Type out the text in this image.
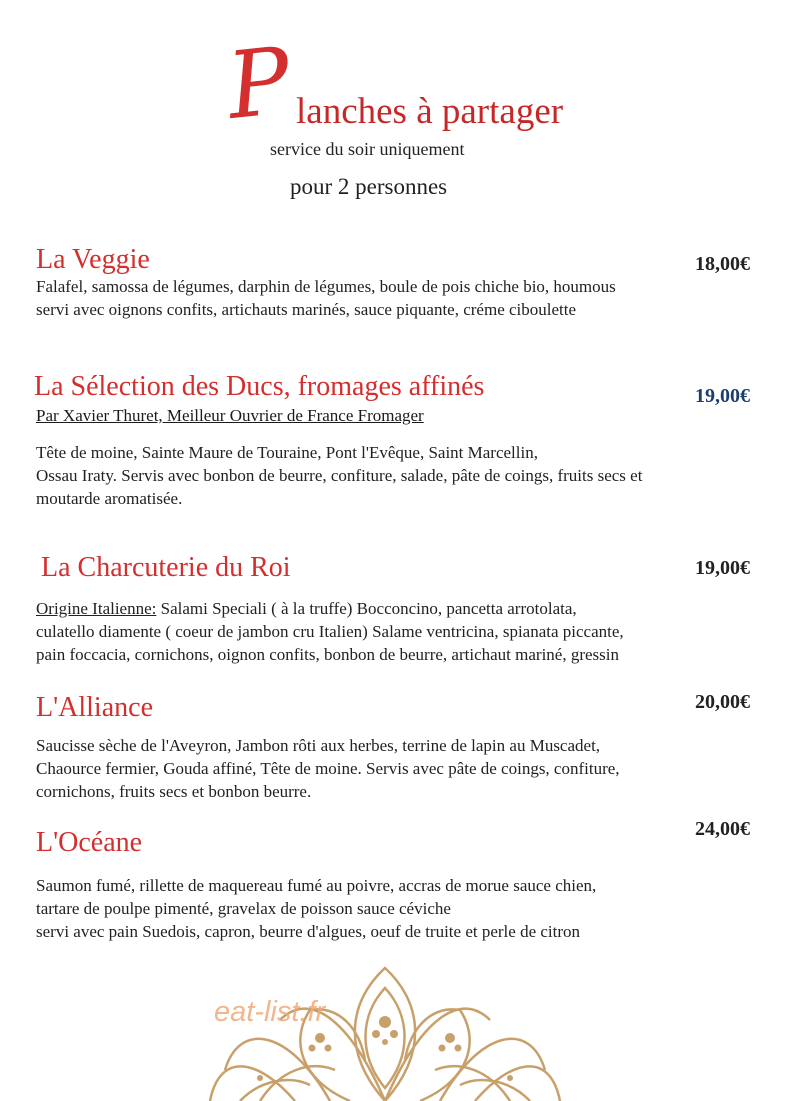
P lanches à partager
service du soir uniquement
pour 2 personnes
La Veggie	18,00€

Falafel, samossa de légumes, darphin de légumes, boule de pois chiche bio, houmous

servi avec oignons confits, artichauts marinés, sauce piquante, créme ciboulette

La Sélection des Ducs, fromages affinés	19,00€
Par Xavier Thuret, Meilleur Ouvrier de France Fromager

Tête de moine, Sainte Maure de Touraine, Pont l'Evêque, Saint Marcellin,

Ossau Iraty. Servis avec bonbon de beurre, confiture, salade, pâte de coings, fruits secs et

moutarde aromatisée.

La Charcuterie du Roi	19,00€

Origine Italienne: Salami Speciali ( à la truffe) Bocconcino, pancetta arrotolata,

culatello diamente ( coeur de jambon cru Italien) Salame ventricina, spianata piccante,

pain foccacia, cornichons, oignon confits, bonbon de beurre, artichaut mariné, gressin

L'Alliance	20,00€

Saucisse sèche de l'Aveyron, Jambon rôti aux herbes, terrine de lapin au Muscadet,

Chaource fermier, Gouda affiné, Tête de moine. Servis avec pâte de coings, confiture,

cornichons, fruits secs et bonbon beurre.

L'Océane	24,00€

Saumon fumé, rillette de maquereau fumé au poivre, accras de morue sauce chien,

tartare de poulpe pimenté, gravelax de poisson sauce céviche

servi avec pain Suedois, capron, beurre d'algues, oeuf de truite et perle de citron

eat-list.fr
